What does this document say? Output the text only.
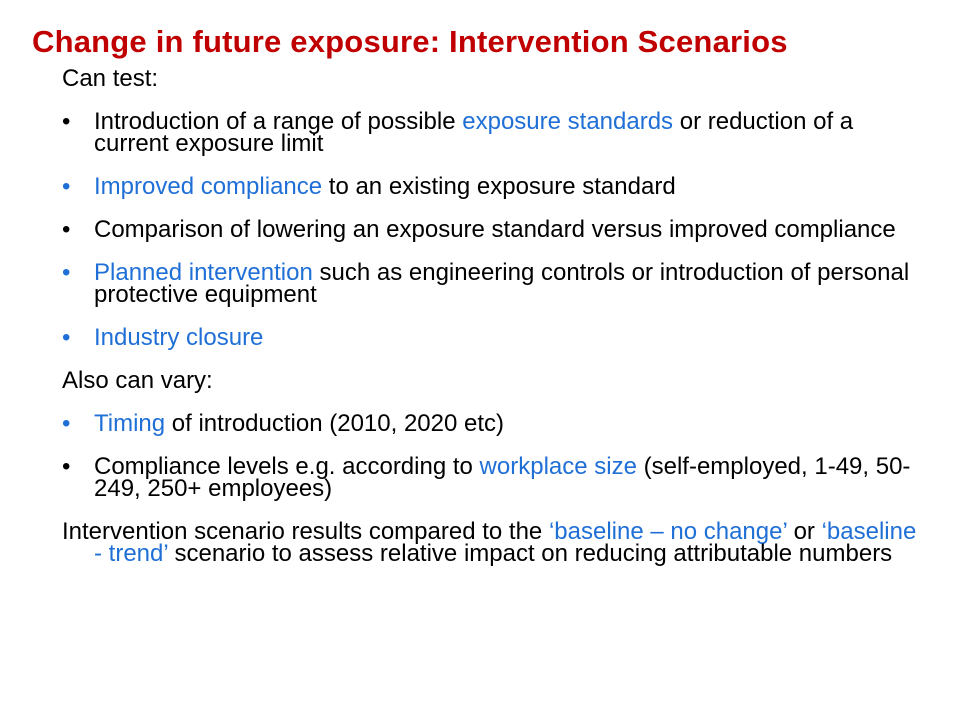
Change in future exposure: Intervention Scenarios

Can test:

• Introduction of a range of possible exposure standards or reduction of a current exposure limit
• Improved compliance to an existing exposure standard
• Comparison of lowering an exposure standard versus improved compliance
• Planned intervention such as engineering controls or introduction of personal protective equipment
• Industry closure

Also can vary:

• Timing of introduction (2010, 2020 etc)
• Compliance levels e.g. according to workplace size (self-employed, 1-49, 50-249, 250+ employees)

Intervention scenario results compared to the ‘baseline – no change’ or ‘baseline - trend’ scenario to assess relative impact on reducing attributable numbers
